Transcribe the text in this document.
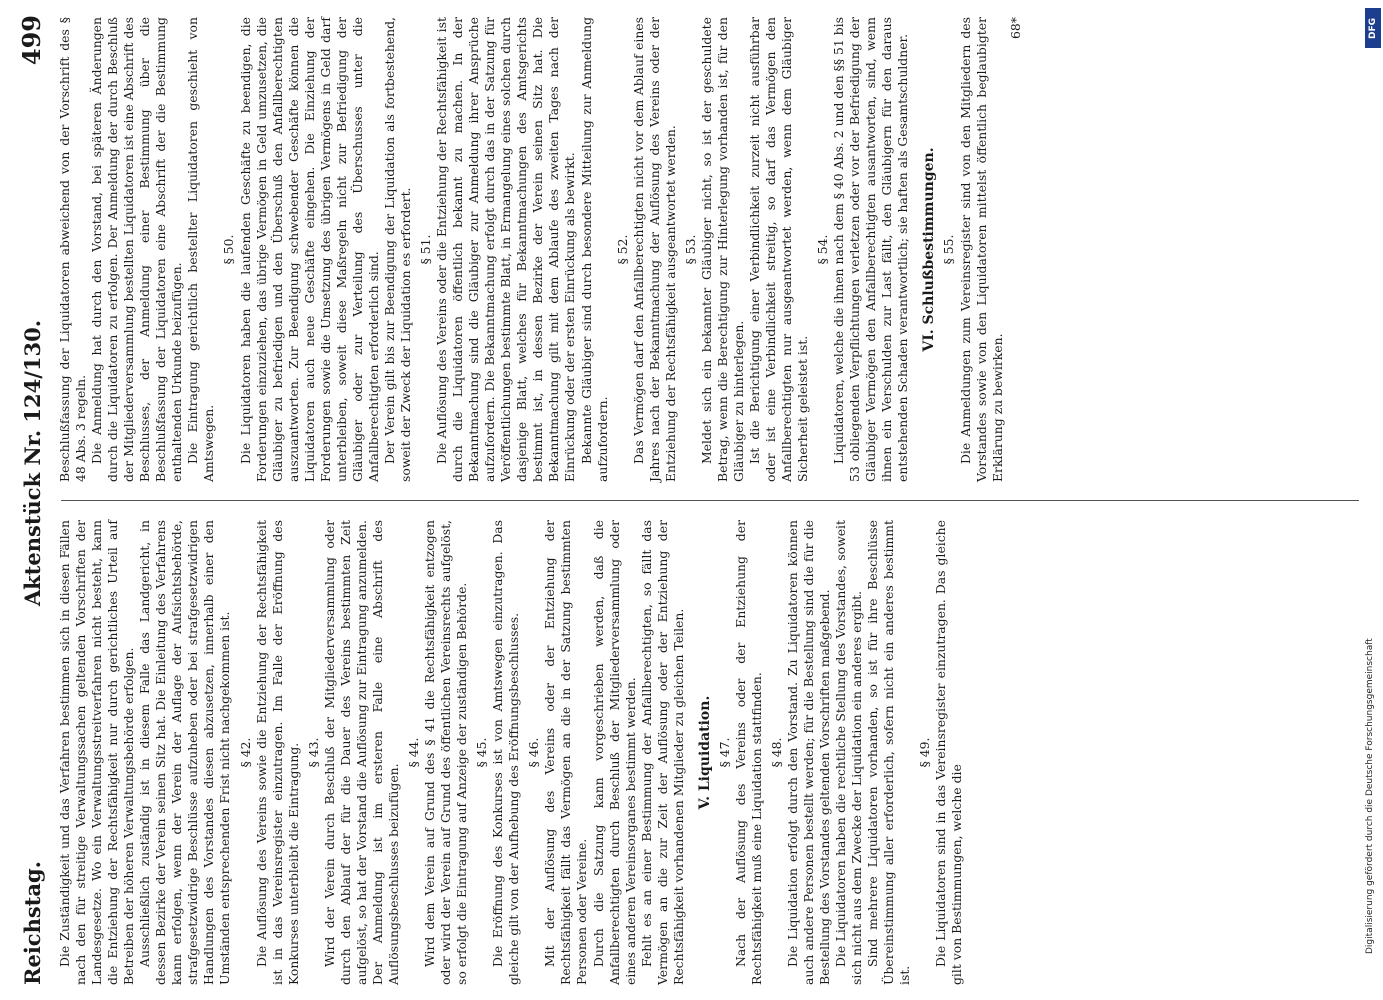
Reichstag.
Aktenstück Nr. 124/130.
499

Die Zuständigkeit und das Verfahren bestimmen sich in diesen Fällen nach den für streitige Verwaltungssachen geltenden Vorschriften der Landesgesetze. Wo ein Verwaltungsstreitverfahren nicht besteht, kann die Entziehung der Rechtsfähigkeit nur durch gerichtliches Urteil auf Betreiben der höheren Verwaltungsbehörde erfolgen. Ausschließlich zuständig ist in diesem Falle das Landgericht, in dessen Bezirke der Verein seinen Sitz hat. Die Einleitung des Verfahrens kann erfolgen, wenn der Verein der Auflage der Aufsichtsbehörde, strafgesetzwidrige Beschlüsse aufzuheben oder bei strafgesetzwidrigen Handlungen des Vorstandes diesen abzusetzen, innerhalb einer den Umständen entsprechenden Frist nicht nachgekommen ist. § 42. Die Auflösung des Vereins sowie die Entziehung der Rechtsfähigkeit ist in das Vereinsregister einzutragen. Im Falle der Eröffnung des Konkurses unterbleibt die Eintragung. § 43. Wird der Verein durch Beschluß der Mitgliederversammlung oder durch den Ablauf der für die Dauer des Vereins bestimmten Zeit aufgelöst, so hat der Vorstand die Auflösung zur Eintragung anzumelden. Der Anmeldung ist im ersteren Falle eine Abschrift des Auflösungsbeschlusses beizufügen.

§ 44. Wird dem Verein auf Grund des § 41 die Rechtsfähigkeit entzogen oder wird der Verein auf Grund des öffentlichen Vereinsrechts aufgelöst, so erfolgt die Eintragung auf Anzeige der zuständigen Behörde. § 45. Die Eröffnung des Konkurses ist von Amtswegen einzutragen. Das gleiche gilt von der Aufhebung des Eröffnungsbeschlusses. § 46. Mit der Auflösung des Vereins oder der Entziehung der Rechtsfähigkeit fällt das Vermögen an die in der Satzung bestimmten Personen oder Vereine. Durch die Satzung kann vorgeschrieben werden, daß die Anfallberechtigten durch Beschluß der Mitgliederversammlung oder eines anderen Vereinsorganes bestimmt werden. Fehlt es an einer Bestimmung der Anfallberechtigten, so fällt das Vermögen an die zur Zeit der Auflösung oder der Entziehung der Rechtsfähigkeit vorhandenen Mitglieder zu gleichen Teilen. V. Liquidation. § 47. Nach der Auflösung des Vereins oder der Entziehung der Rechtsfähigkeit muß eine Liquidation stattfinden. § 48. Die Liquidation erfolgt durch den Vorstand. Zu Liquidatoren können auch andere Personen bestellt werden; für die Bestellung sind die für die Bestellung des Vorstandes geltenden Vorschriften maßgebend. Die Liquidatoren haben die rechtliche Stellung des Vorstandes, soweit sich nicht aus dem Zwecke der Liquidation ein anderes ergibt. Sind mehrere Liquidatoren vorhanden, so ist für ihre Beschlüsse Übereinstimmung aller erforderlich, sofern nicht ein anderes bestimmt ist.

§ 49. Die Liquidatoren sind in das Vereinsregister einzutragen. Das gleiche gilt von Bestimmungen, welche die

Beschlußfassung der Liquidatoren abweichend von der Vorschrift des § 48 Abs. 3 regeln. Die Anmeldung hat durch den Vorstand, bei späteren Änderungen durch die Liquidatoren zu erfolgen. Der Anmeldung der durch Beschluß der Mitgliederversammlung bestellten Liquidatoren ist eine Abschrift des Beschlusses, der Anmeldung einer Bestimmung über die Beschlußfassung der Liquidatoren eine Abschrift der die Bestimmung enthaltenden Urkunde beizufügen. Die Eintragung gerichtlich bestellter Liquidatoren geschieht von Amtswegen.

§ 50. Die Liquidatoren haben die laufenden Geschäfte zu beendigen, die Forderungen einzuziehen, das übrige Vermögen in Geld umzusetzen, die Gläubiger zu befriedigen und den Überschuß den Anfallberechtigten auszuantworten. Zur Beendigung schwebender Geschäfte können die Liquidatoren auch neue Geschäfte eingehen. Die Einziehung der Forderungen sowie die Umsetzung des übrigen Vermögens in Geld darf unterbleiben, soweit diese Maßregeln nicht zur Befriedigung der Gläubiger oder zur Verteilung des Überschusses unter die Anfallberechtigten erforderlich sind. Der Verein gilt bis zur Beendigung der Liquidation als fortbestehend, soweit der Zweck der Liquidation es erfordert. § 51. Die Auflösung des Vereins oder die Entziehung der Rechtsfähigkeit ist durch die Liquidatoren öffentlich bekannt zu machen. In der Bekanntmachung sind die Gläubiger zur Anmeldung ihrer Ansprüche aufzufordern. Die Bekanntmachung erfolgt durch das in der Satzung für Veröffentlichungen bestimmte Blatt, in Ermangelung eines solchen durch dasjenige Blatt, welches für Bekanntmachungen des Amtsgerichts bestimmt ist, in dessen Bezirke der Verein seinen Sitz hat. Die Bekanntmachung gilt mit dem Ablaufe des zweiten Tages nach der Einrückung oder der ersten Einrückung als bewirkt. Bekannte Gläubiger sind durch besondere Mitteilung zur Anmeldung aufzufordern.

§ 52. Das Vermögen darf den Anfallberechtigten nicht vor dem Ablauf eines Jahres nach der Bekanntmachung der Auflösung des Vereins oder der Entziehung der Rechtsfähigkeit ausgeantwortet werden. § 53. Meldet sich ein bekannter Gläubiger nicht, so ist der geschuldete Betrag, wenn die Berechtigung zur Hinterlegung vorhanden ist, für den Gläubiger zu hinterlegen. Ist die Berichtigung einer Verbindlichkeit zurzeit nicht ausführbar oder ist eine Verbindlichkeit streitig, so darf das Vermögen den Anfallberechtigten nur ausgeantwortet werden, wenn dem Gläubiger Sicherheit geleistet ist.

§ 54. Liquidatoren, welche die ihnen nach dem § 40 Abs. 2 und den §§ 51 bis 53 obliegenden Verpflichtungen verletzen oder vor der Befriedigung der Gläubiger Vermögen den Anfallberechtigten ausantworten, sind, wenn ihnen ein Verschulden zur Last fällt, den Gläubigern für den daraus entstehenden Schaden verantwortlich; sie haften als Gesamtschuldner. VI. Schlußbestimmungen. § 55. Die Anmeldungen zum Vereinsregister sind von den Mitgliedern des Vorstandes sowie von den Liquidatoren mittelst öffentlich beglaubigter Erklärung zu bewirken.

68*	DFG
Digitalisierung gefördert durch die Deutsche Forschungsgemeinschaft
